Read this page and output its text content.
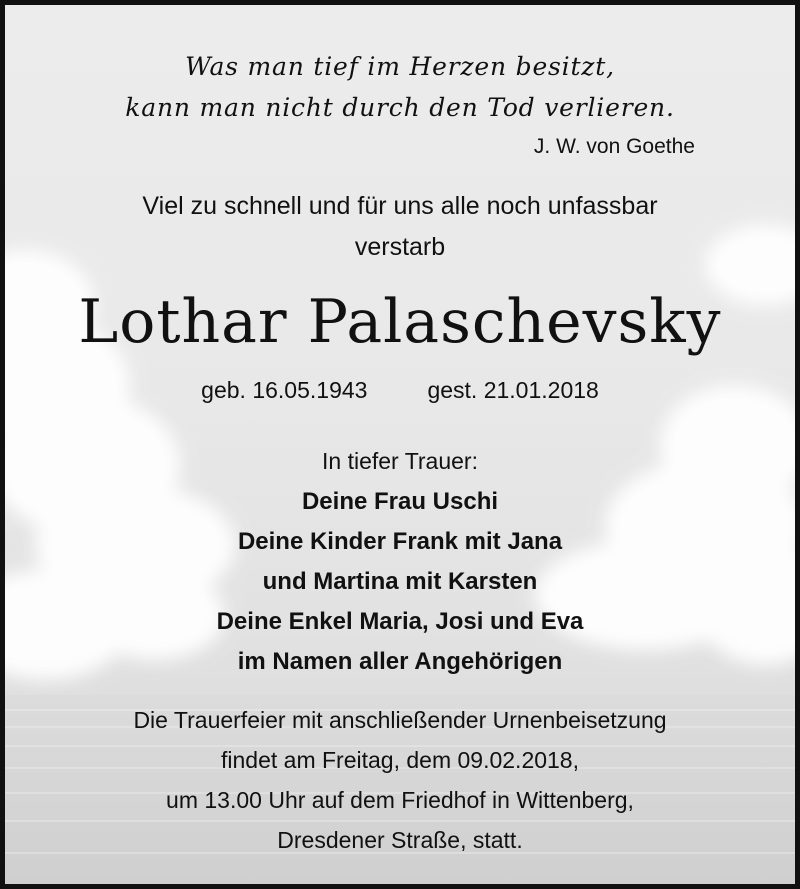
Was man tief im Herzen besitzt,
kann man nicht durch den Tod verlieren.
J. W. von Goethe
Viel zu schnell und für uns alle noch unfassbar
verstarb
Lothar Palaschevsky
geb. 16.05.1943	gest. 21.01.2018
In tiefer Trauer:
Deine Frau Uschi
Deine Kinder Frank mit Jana
und Martina mit Karsten
Deine Enkel Maria, Josi und Eva
im Namen aller Angehörigen
Die Trauerfeier mit anschließender Urnenbeisetzung
findet am Freitag, dem 09.02.2018,
um 13.00 Uhr auf dem Friedhof in Wittenberg,
Dresdener Straße, statt.
